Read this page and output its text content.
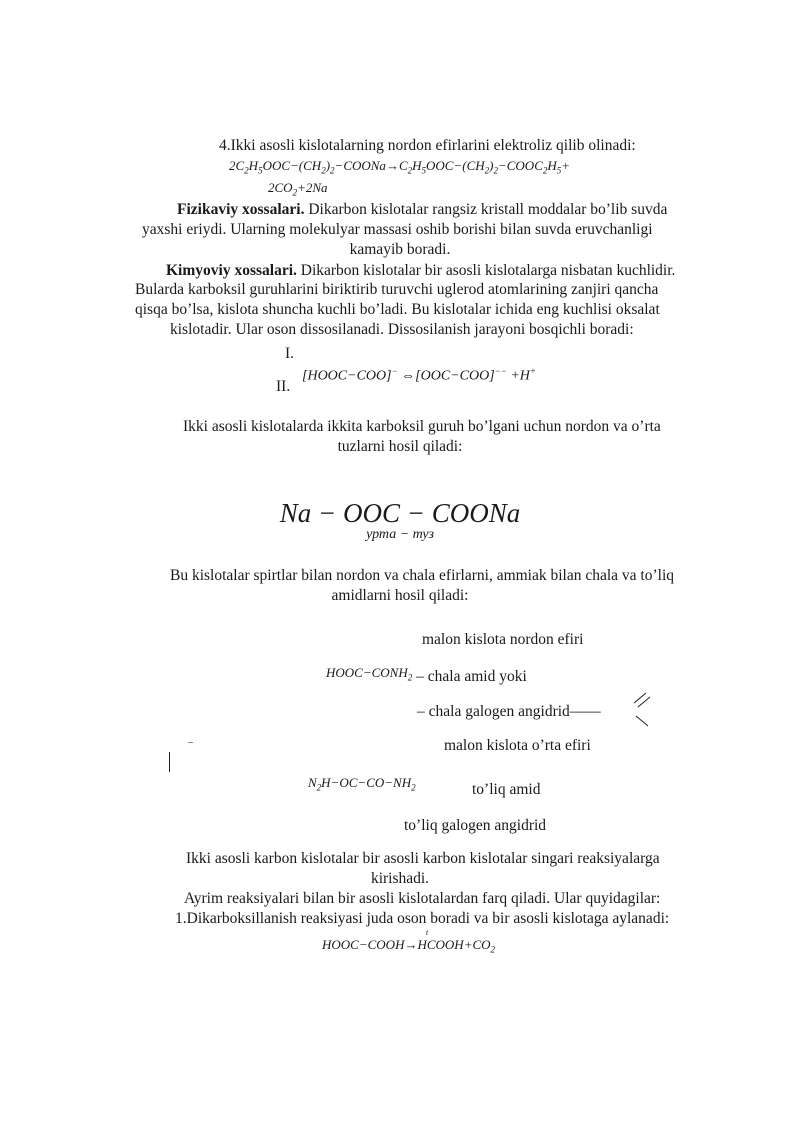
4.Ikki asosli kislotalarning nordon efirlarini elektroliz qilib olinadi:
$2C_2H_5OOC-(CH_2)_2-COONa\to C_2H_5OOC-(CH_2)_2-COOC_2H_5+$
$2CO_2+2Na$
Fizikaviy xossalari. Dikarbon kislotalar rangsiz kristall moddalar bo’lib suvda
yaxshi eriydi. Ularning molekulyar massasi oshib borishi bilan suvda eruvchanligi
kamayib boradi.
Kimyoviy xossalari. Dikarbon kislotalar bir asosli kislotalarga nisbatan kuchlidir.
Bularda karboksil guruhlarini biriktirib turuvchi uglerod atomlarining zanjiri qancha
qisqa bo’lsa, kislota shuncha kuchli bo’ladi. Bu kislotalar ichida eng kuchlisi oksalat
kislotadir. Ular oson dissosilanadi. Dissosilanish jarayoni bosqichli boradi:
I.
[HOOC−COO]− ⇔[OOC−COO]−− +H+
II.
Ikki asosli kislotalarda ikkita karboksil guruh bo’lgani uchun nordon va o’rta
tuzlarni hosil qiladi:
Na − OOC − COONa
урта − туз
Bu kislotalar spirtlar bilan nordon va chala efirlarni, ammiak bilan chala va to’liq
amidlarni hosil qiladi:
malon kislota nordon efiri
$HOOC-CONH_2$ – chala amid yoki
– chala galogen angidrid——
–	malon kislota o’rta efiri
$N_2H-OC-CO-NH_2$	to’liq amid
to’liq galogen angidrid
Ikki asosli karbon kislotalar bir asosli karbon kislotalar singari reaksiyalarga
kirishadi.
Ayrim reaksiyalari bilan bir asosli kislotalardan farq qiladi. Ular quyidagilar:
1.Dikarboksillanish reaksiyasi juda oson boradi va bir asosli kislotaga aylanadi:
t
$HOOC-COOH\to HCOOH+CO_2$
